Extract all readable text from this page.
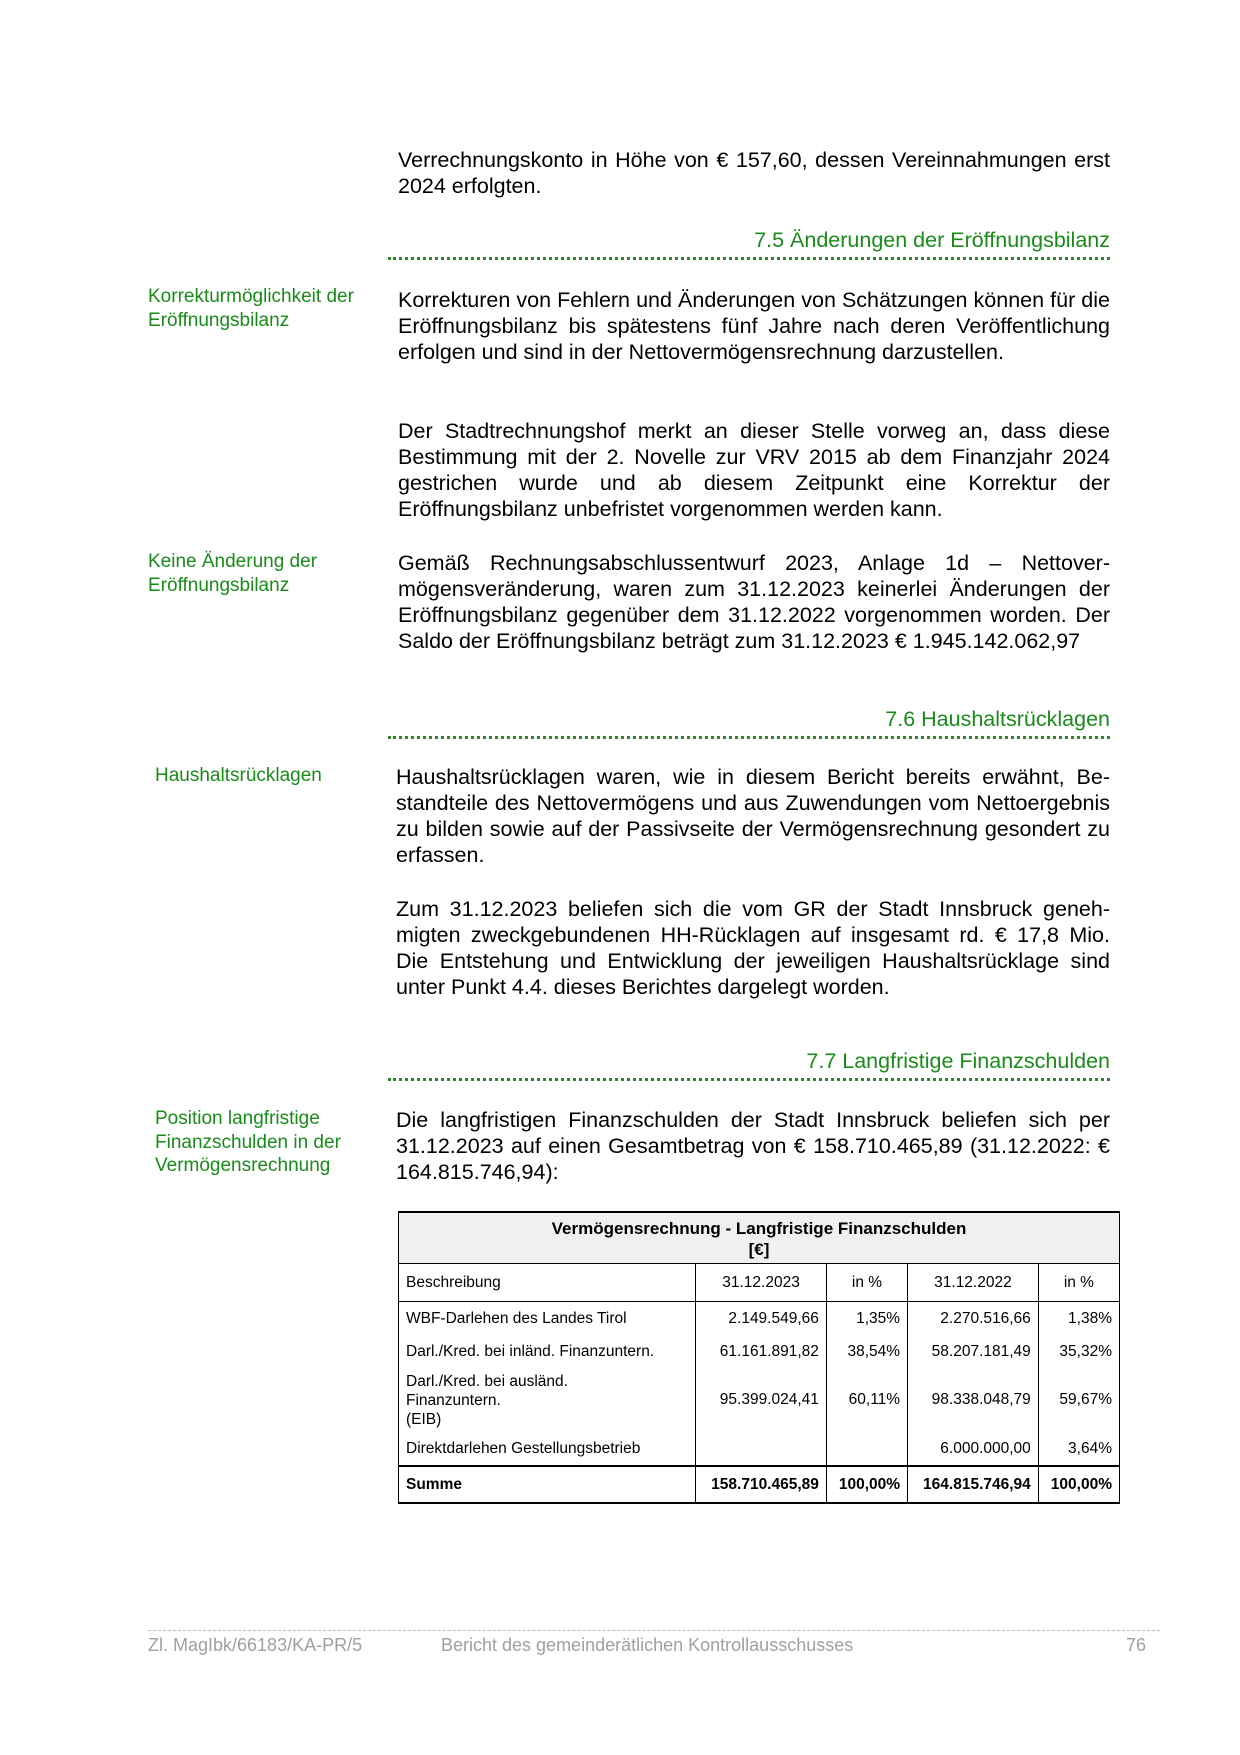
Verrechnungskonto in Höhe von € 157,60, dessen Vereinnahmungen erst 2024 erfolgten.

7.5 Änderungen der Eröffnungsbilanz
Korrekturmöglichkeit der Eröffnungsbilanz

Korrekturen von Fehlern und Änderungen von Schätzungen können für die Eröffnungsbilanz bis spätestens fünf Jahre nach deren Veröffentlichung erfolgen und sind in der Nettovermögensrechnung darzustellen.

Der Stadtrechnungshof merkt an dieser Stelle vorweg an, dass diese Bestimmung mit der 2. Novelle zur VRV 2015 ab dem Finanzjahr 2024 gestrichen wurde und ab diesem Zeitpunkt eine Korrektur der Eröffnungsbilanz unbefristet vorgenommen werden kann.

Keine Änderung der Eröffnungsbilanz

Gemäß Rechnungsabschlussentwurf 2023, Anlage 1d – Nettovermögensveränderung, waren zum 31.12.2023 keinerlei Änderungen der Eröffnungsbilanz gegenüber dem 31.12.2022 vorgenommen worden. Der Saldo der Eröffnungsbilanz beträgt zum 31.12.2023 € 1.945.142.062,97

7.6 Haushaltsrücklagen
Haushaltsrücklagen	Haushaltsrücklagen waren, wie in diesem Bericht bereits erwähnt, Bestandteile des Nettovermögens und aus Zuwendungen vom Nettoergebnis zu bilden sowie auf der Passivseite der Vermögensrechnung gesondert zu erfassen.

Zum 31.12.2023 beliefen sich die vom GR der Stadt Innsbruck genehmigten zweckgebundenen HH-Rücklagen auf insgesamt rd. € 17,8 Mio. Die Entstehung und Entwicklung der jeweiligen Haushaltsrücklage sind unter Punkt 4.4. dieses Berichtes dargelegt worden.

7.7 Langfristige Finanzschulden
Position langfristige Finanzschulden in der Vermögensrechnung

Die langfristigen Finanzschulden der Stadt Innsbruck beliefen sich per 31.12.2023 auf einen Gesamtbetrag von € 158.710.465,89 (31.12.2022: € 164.815.746,94):

Vermögensrechnung - Langfristige Finanzschulden
[€]				
Beschreibung	31.12.2023	in %	31.12.2022	in %
WBF-Darlehen des Landes Tirol	2.149.549,66	1,35%	2.270.516,66	1,38%
Darl./Kred. bei inländ. Finanzuntern.	61.161.891,82	38,54%	58.207.181,49	35,32%
Darl./Kred. bei ausländ.
Finanzuntern.
(EIB)	95.399.024,41	60,11%	98.338.048,79	59,67%
Direktdarlehen Gestellungsbetrieb			6.000.000,00	3,64%
Summe	158.710.465,89	100,00%	164.815.746,94	100,00%
Zl. MagIbk/66183/KA-PR/5	Bericht des gemeinderätlichen Kontrollausschusses	76
